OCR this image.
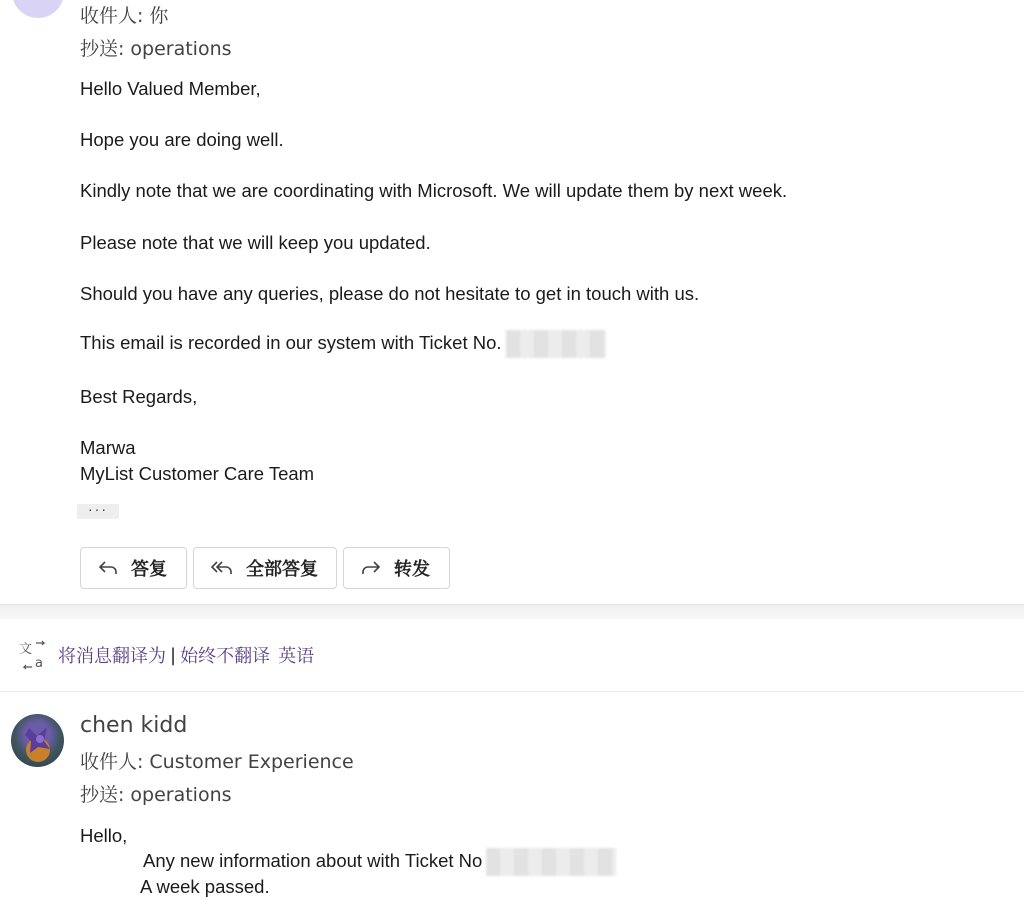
收件人: 你
抄送: operations
Hello Valued Member,
Hope you are doing well.
Kindly note that we are coordinating with Microsoft. We will update them by next week.
Please note that we will keep you updated.
Should you have any queries, please do not hesitate to get in touch with us.
This email is recorded in our system with Ticket No.
Best Regards,
Marwa
MyList Customer Care Team
···
答复	全部答复	转发
文
a 将消息翻译为 | 始终不翻译 英语
chen kidd
收件人: Customer Experience
抄送: operations
Hello,
Any new information about with Ticket No
A week passed.
